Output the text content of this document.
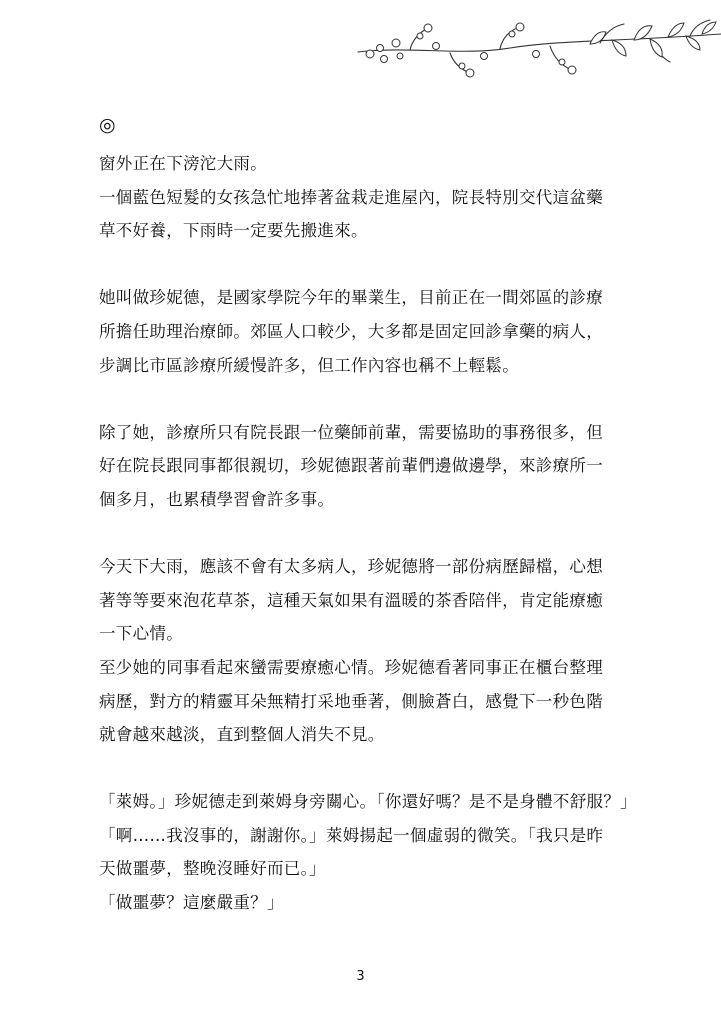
◎
窗外正在下滂沱大雨。
一個藍色短髮的女孩急忙地捧著盆栽走進屋內，院長特別交代這盆藥
草不好養，下雨時一定要先搬進來。
她叫做珍妮德，是國家學院今年的畢業生，目前正在一間郊區的診療
所擔任助理治療師。郊區人口較少，大多都是固定回診拿藥的病人，
步調比市區診療所緩慢許多，但工作內容也稱不上輕鬆。
除了她，診療所只有院長跟一位藥師前輩，需要協助的事務很多，但
好在院長跟同事都很親切，珍妮德跟著前輩們邊做邊學，來診療所一
個多月，也累積學習會許多事。
今天下大雨，應該不會有太多病人，珍妮德將一部份病歷歸檔，心想
著等等要來泡花草茶，這種天氣如果有溫暖的茶香陪伴，肯定能療癒
一下心情。
至少她的同事看起來蠻需要療癒心情。珍妮德看著同事正在櫃台整理
病歷，對方的精靈耳朵無精打采地垂著，側臉蒼白，感覺下一秒色階
就會越來越淡，直到整個人消失不見。
「萊姆。」珍妮德走到萊姆身旁關心。「你還好嗎？是不是身體不舒服？」
「啊……我沒事的，謝謝你。」萊姆揚起一個虛弱的微笑。「我只是昨
天做噩夢，整晚沒睡好而已。」
「做噩夢？這麼嚴重？」
3
